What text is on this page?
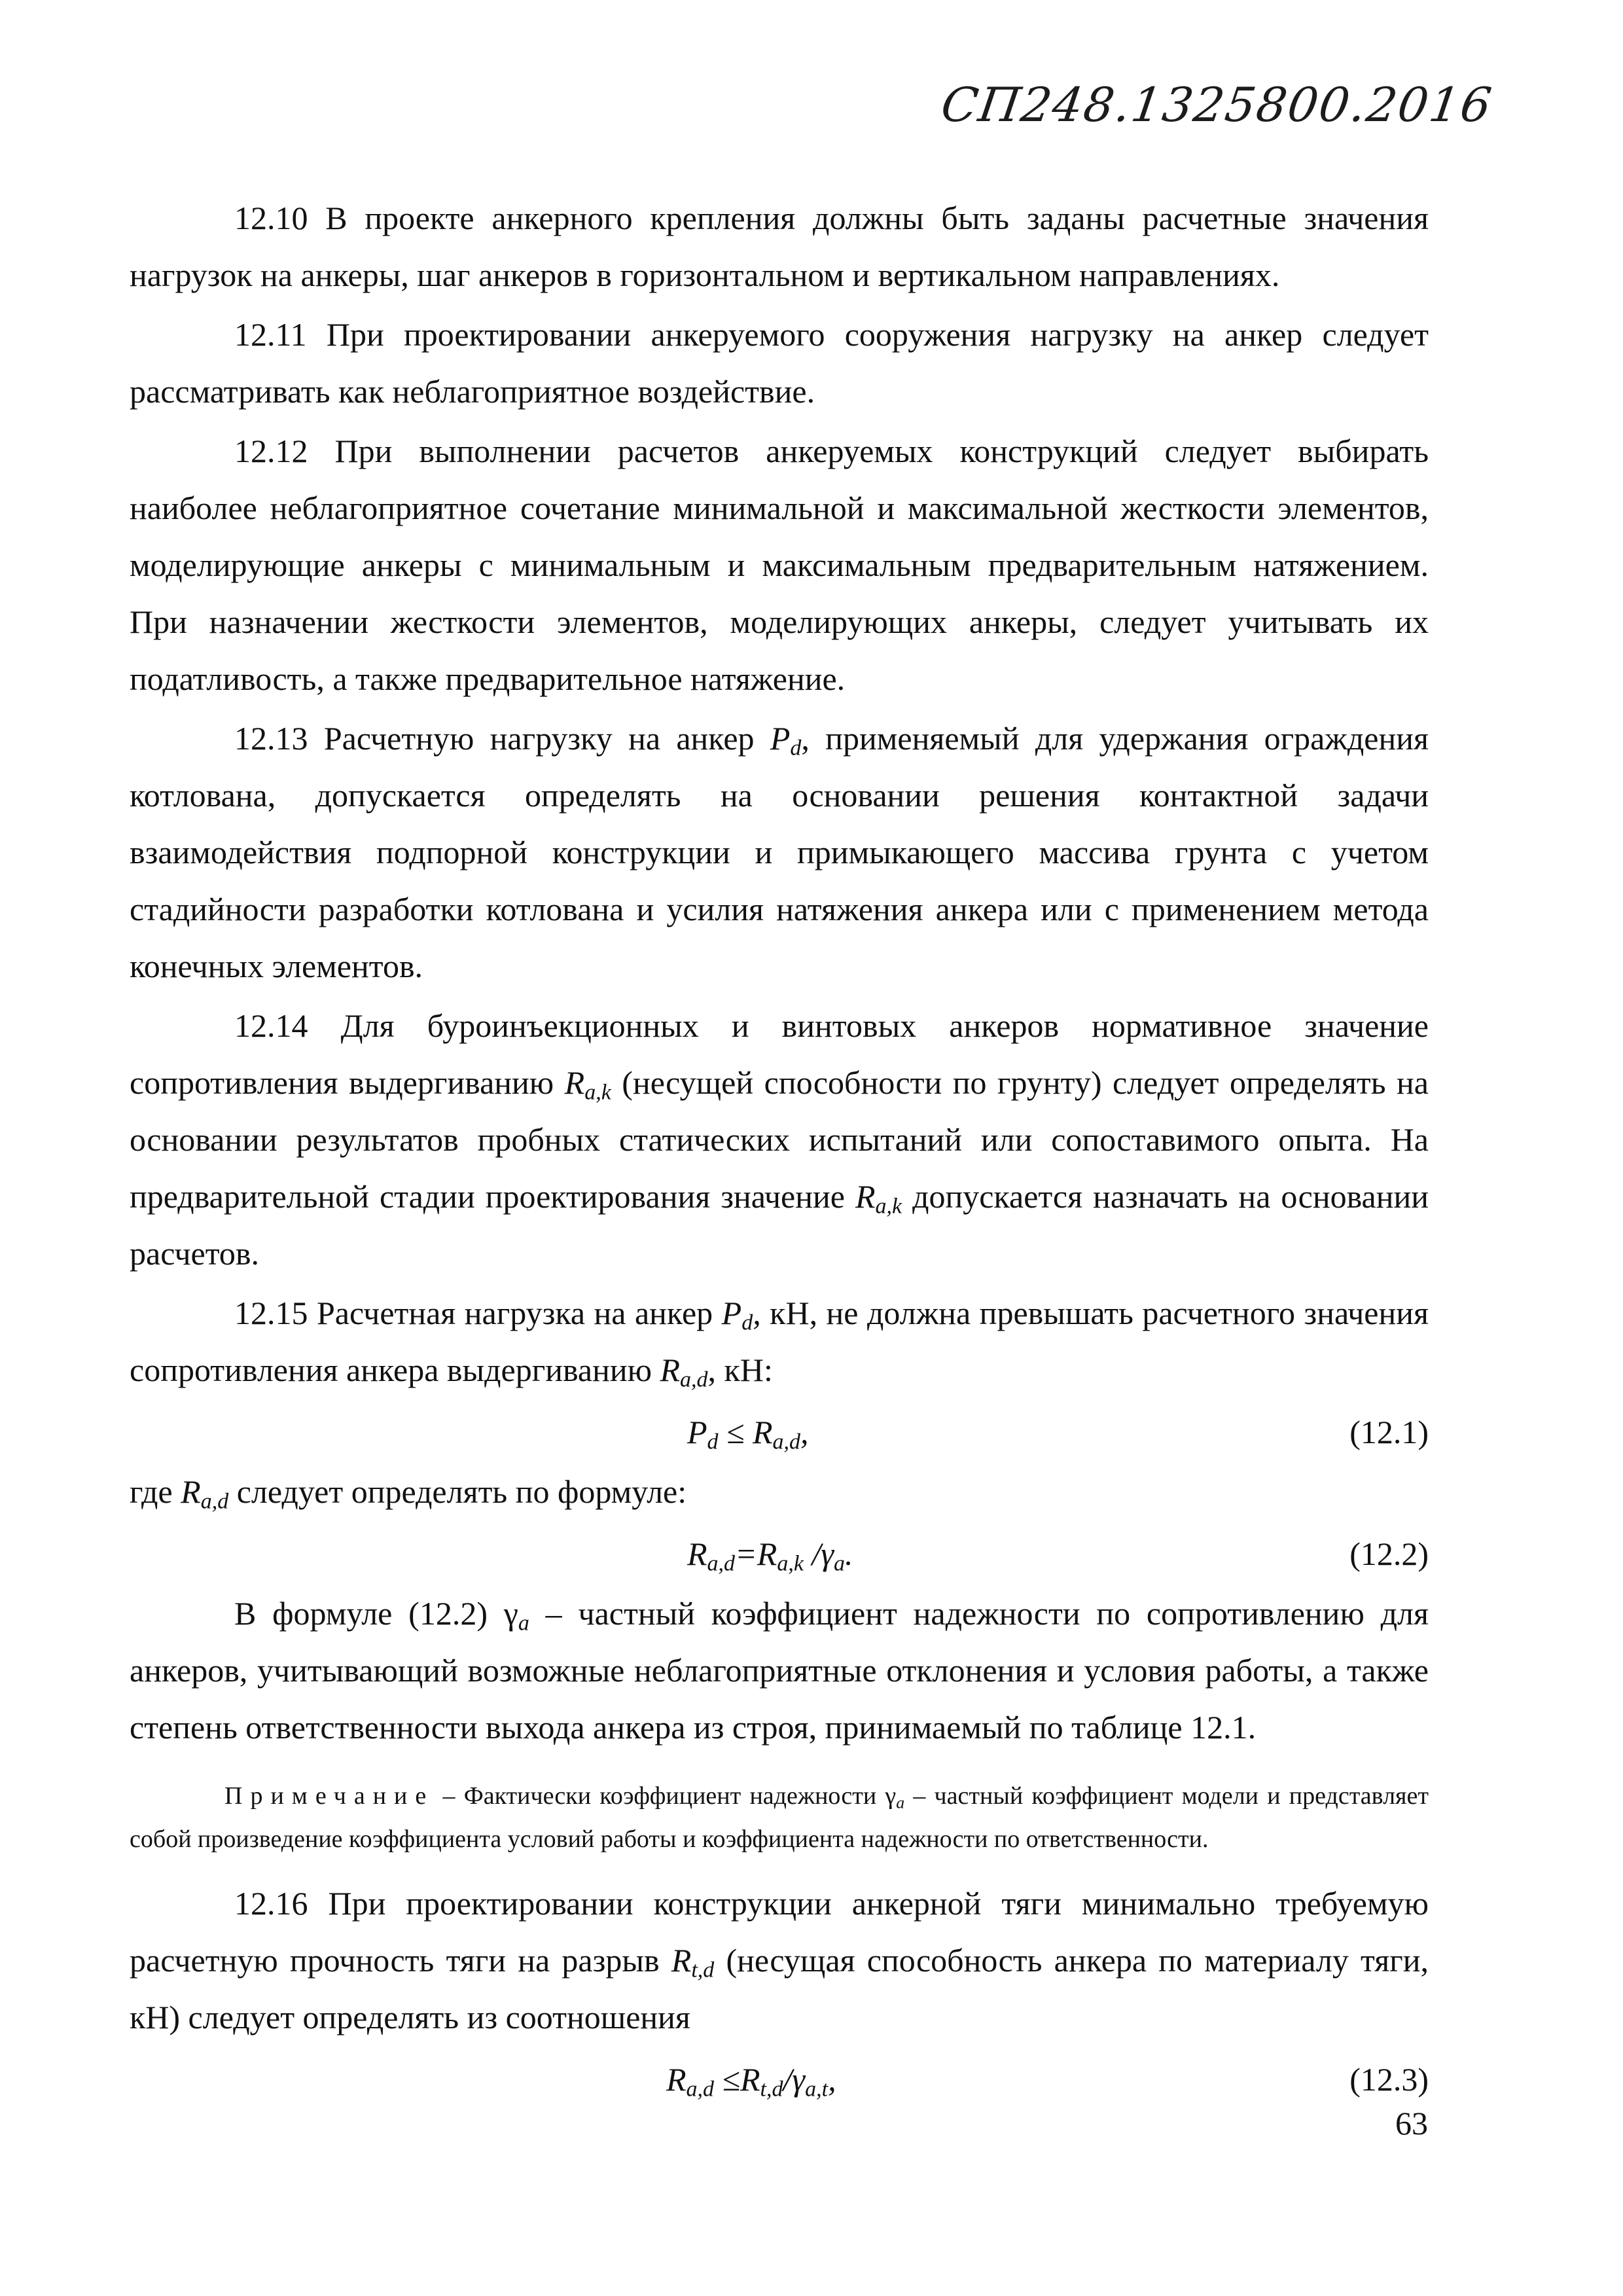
СП248.1325800.2016

12.10 В проекте анкерного крепления должны быть заданы расчетные значения нагрузок на анкеры, шаг анкеров в горизонтальном и вертикальном направлениях.

12.11 При проектировании анкеруемого сооружения нагрузку на анкер следует рассматривать как неблагоприятное воздействие.

12.12 При выполнении расчетов анкеруемых конструкций следует выбирать наиболее неблагоприятное сочетание минимальной и максимальной жесткости элементов, моделирующие анкеры с минимальным и максимальным предварительным натяжением. При назначении жесткости элементов, моделирующих анкеры, следует учитывать их податливость, а также предварительное натяжение.

12.13 Расчетную нагрузку на анкер $P_d$, применяемый для удержания ограждения котлована, допускается определять на основании решения контактной задачи взаимодействия подпорной конструкции и примыкающего массива грунта с учетом стадийности разработки котлована и усилия натяжения анкера или с применением метода конечных элементов.

12.14 Для буроинъекционных и винтовых анкеров нормативное значение сопротивления выдергиванию $R_{a,k}$ (несущей способности по грунту) следует определять на основании результатов пробных статических испытаний или сопоставимого опыта. На предварительной стадии проектирования значение $R_{a,k}$ допускается назначать на основании расчетов.

12.15 Расчетная нагрузка на анкер $P_d$, кН, не должна превышать расчетного значения сопротивления анкера выдергиванию $R_{a,d}$, кН:

$P_d \le R_{a,d}$,	(12.1)

где $R_{a,d}$ следует определять по формуле:

$R_{a,d}=R_{a,k}$ $/\gamma_a$.	(12.2)

В формуле (12.2) $\gamma_a$ – частный коэффициент надежности по сопротивлению для анкеров, учитывающий возможные неблагоприятные отклонения и условия работы, а также степень ответственности выхода анкера из строя, принимаемый по таблице 12.1.

Примечание – Фактически коэффициент надежности $\gamma_a$ – частный коэффициент модели и представляет собой произведение коэффициента условий работы и коэффициента надежности по ответственности.

12.16 При проектировании конструкции анкерной тяги минимально требуемую расчетную прочность тяги на разрыв $R_{t,d}$ (несущая способность анкера по материалу тяги, кН) следует определять из соотношения

$R_{a,d} \le R_{t,d}/\gamma_{a,t}$,	(12.3)
63
